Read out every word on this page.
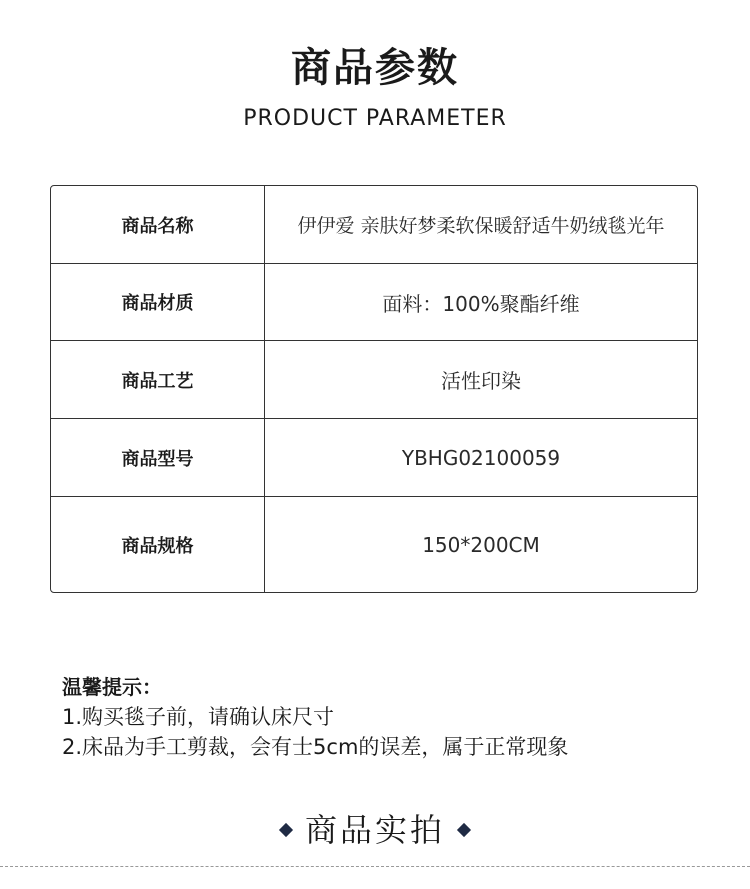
商品参数
PRODUCT PARAMETER
商品名称	伊伊爱 亲肤好梦柔软保暖舒适牛奶绒毯光年
商品材质	面料：100%聚酯纤维
商品工艺	活性印染
商品型号	YBHG02100059
商品规格	150*200CM
温馨提示：
1.购买毯子前，请确认床尺寸
2.床品为手工剪裁，会有士5cm的误差，属于正常现象
商品实拍
